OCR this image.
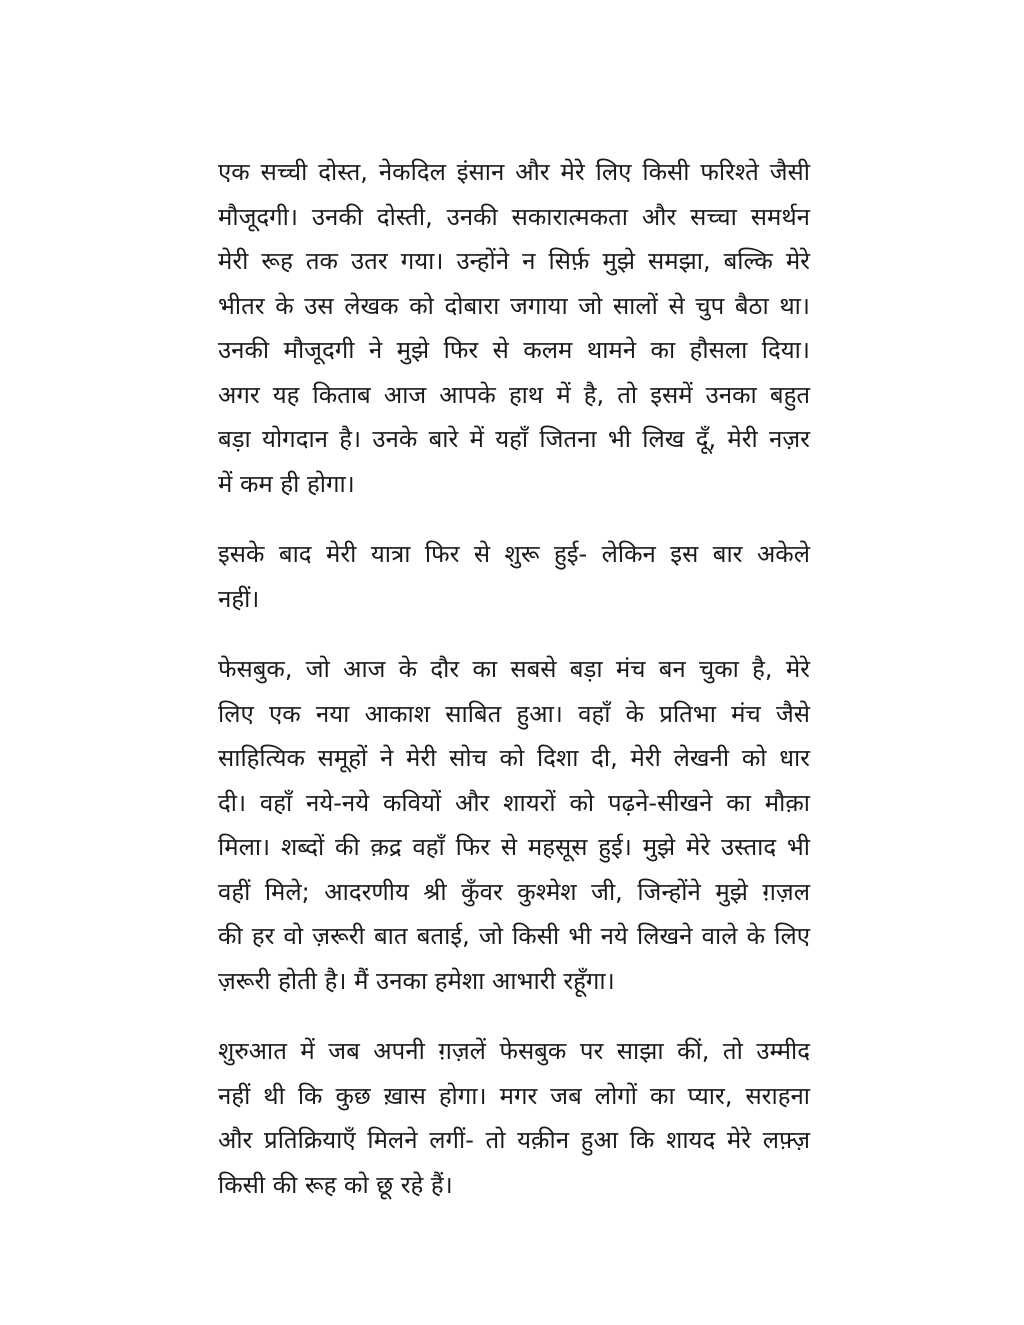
एक सच्ची दोस्त, नेकदिल इंसान और मेरे लिए किसी फरिश्ते जैसी
मौजूदगी। उनकी दोस्ती, उनकी सकारात्मकता और सच्चा समर्थन
मेरी रूह तक उतर गया। उन्होंने न सिर्फ़ मुझे समझा, बल्कि मेरे
भीतर के उस लेखक को दोबारा जगाया जो सालों से चुप बैठा था।
उनकी मौजूदगी ने मुझे फिर से कलम थामने का हौसला दिया।
अगर यह किताब आज आपके हाथ में है, तो इसमें उनका बहुत
बड़ा योगदान है। उनके बारे में यहाँ जितना भी लिख दूँ, मेरी नज़र
में कम ही होगा।

इसके बाद मेरी यात्रा फिर से शुरू हुई- लेकिन इस बार अकेले
नहीं।

फेसबुक, जो आज के दौर का सबसे बड़ा मंच बन चुका है, मेरे
लिए एक नया आकाश साबित हुआ। वहाँ के प्रतिभा मंच जैसे
साहित्यिक समूहों ने मेरी सोच को दिशा दी, मेरी लेखनी को धार
दी। वहाँ नये-नये कवियों और शायरों को पढ़ने-सीखने का मौक़ा
मिला। शब्दों की क़द्र वहाँ फिर से महसूस हुई। मुझे मेरे उस्ताद भी
वहीं मिले; आदरणीय श्री कुँवर कुश्मेश जी, जिन्होंने मुझे ग़ज़ल
की हर वो ज़रूरी बात बताई, जो किसी भी नये लिखने वाले के लिए
ज़रूरी होती है। मैं उनका हमेशा आभारी रहूँगा।

शुरुआत में जब अपनी ग़ज़लें फेसबुक पर साझा कीं, तो उम्मीद
नहीं थी कि कुछ ख़ास होगा। मगर जब लोगों का प्यार, सराहना
और प्रतिक्रियाएँ मिलने लगीं- तो यक़ीन हुआ कि शायद मेरे लफ़्ज़
किसी की रूह को छू रहे हैं।
